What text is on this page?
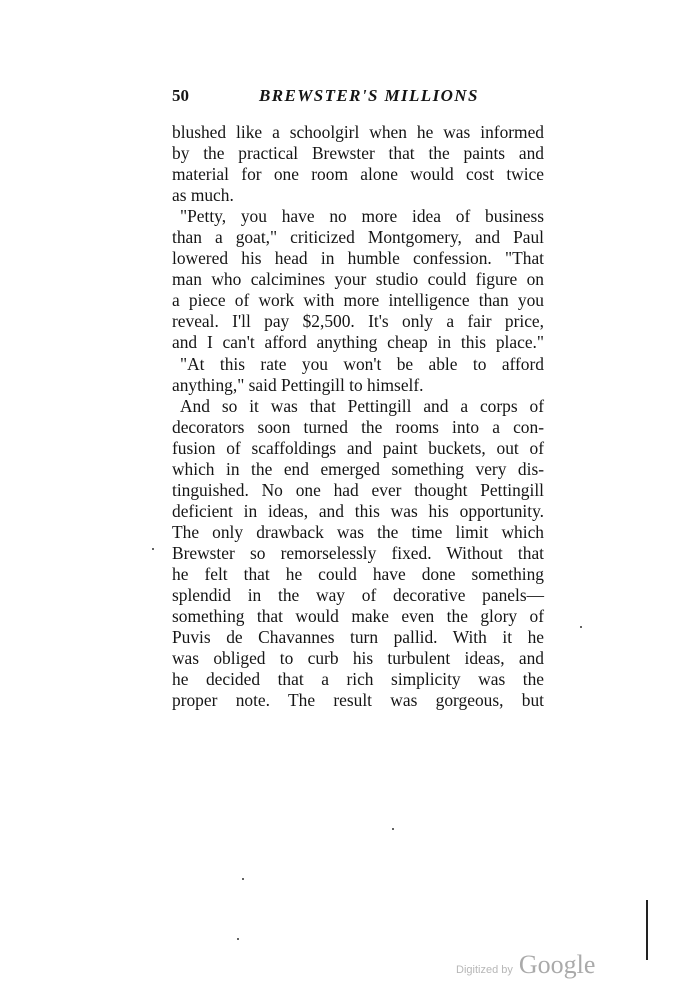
50	BREWSTER'S MILLIONS
blushed like a schoolgirl when he was informed
by the practical Brewster that the paints and
material for one room alone would cost twice
as much.
"Petty, you have no more idea of business
than a goat," criticized Montgomery, and Paul
lowered his head in humble confession. "That
man who calcimines your studio could figure on
a piece of work with more intelligence than you
reveal. I'll pay $2,500. It's only a fair price,
and I can't afford anything cheap in this place."
"At this rate you won't be able to afford
anything," said Pettingill to himself.
And so it was that Pettingill and a corps of
decorators soon turned the rooms into a con-
fusion of scaffoldings and paint buckets, out of
which in the end emerged something very dis-
tinguished. No one had ever thought Pettingill
deficient in ideas, and this was his opportunity.
The only drawback was the time limit which
Brewster so remorselessly fixed. Without that
he felt that he could have done something
splendid in the way of decorative panels—
something that would make even the glory of
Puvis de Chavannes turn pallid. With it he
was obliged to curb his turbulent ideas, and
he decided that a rich simplicity was the
proper note. The result was gorgeous, but
Digitized by Google
